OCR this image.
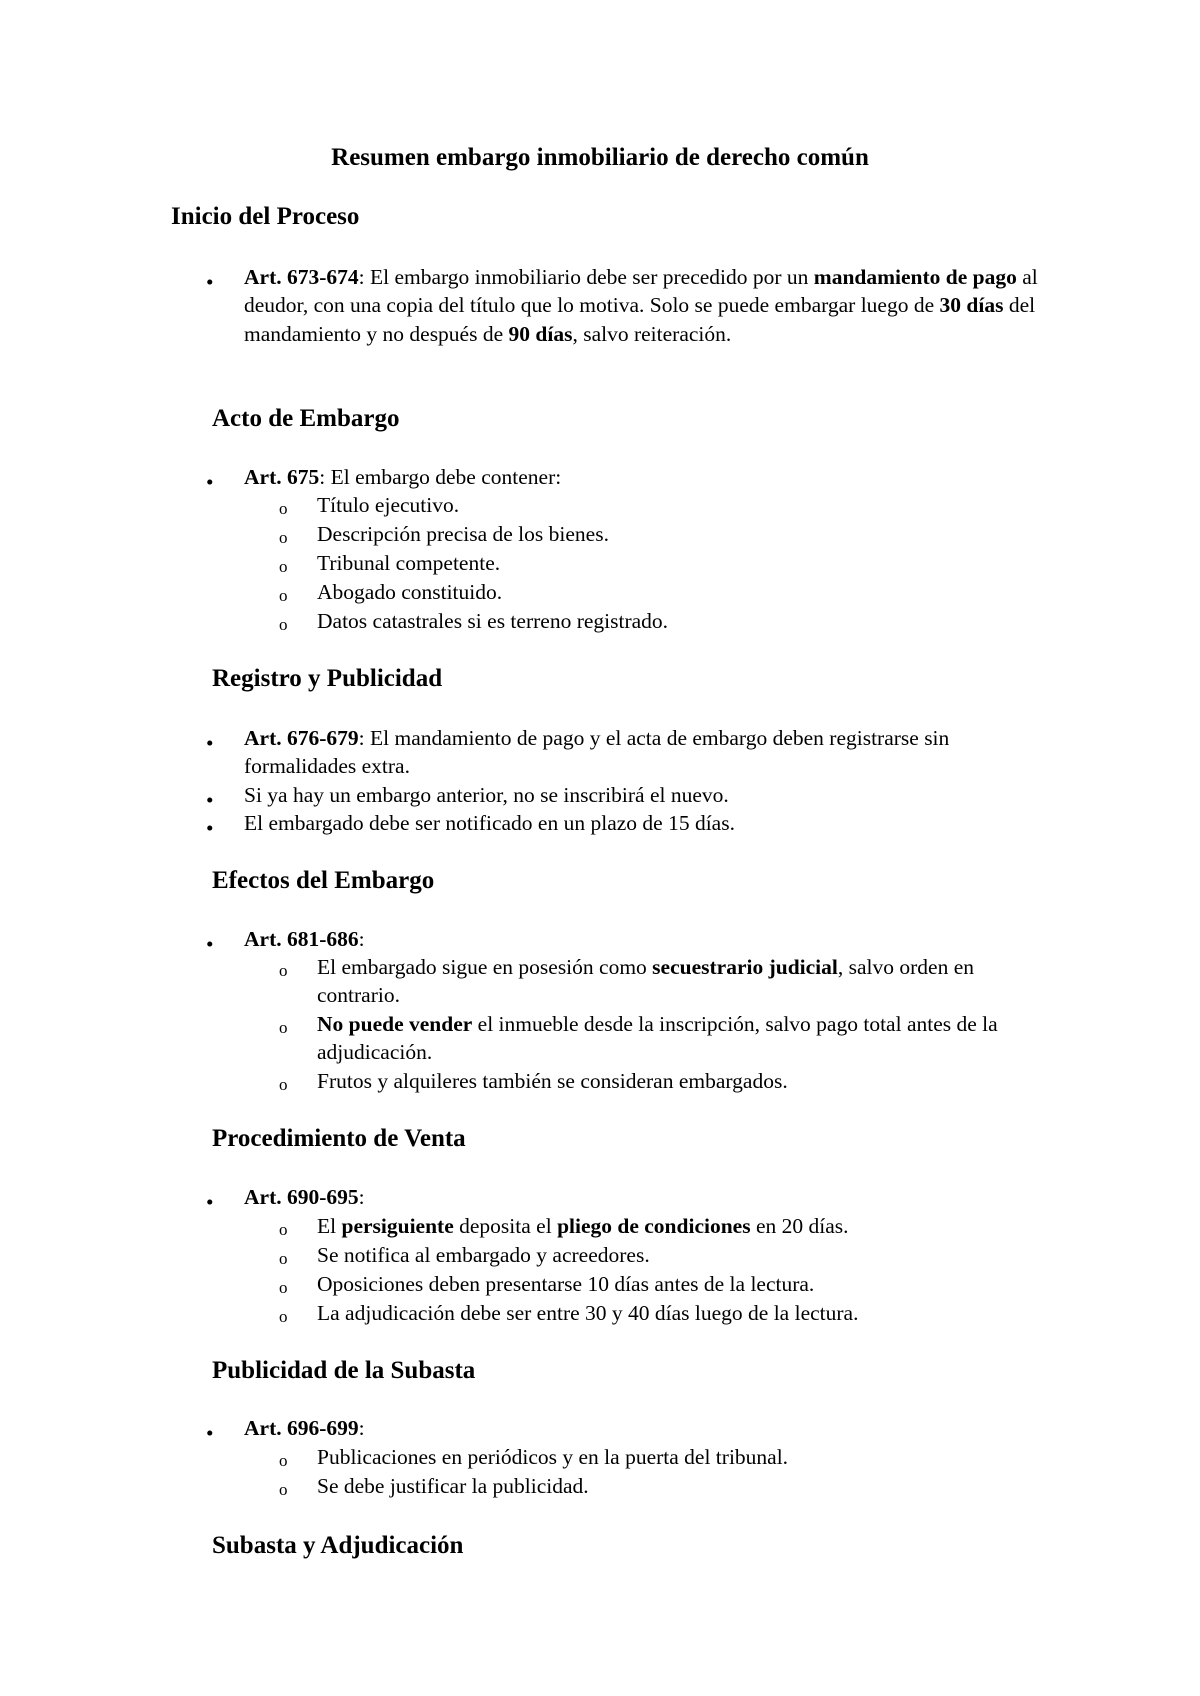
Resumen embargo inmobiliario de derecho común
Inicio del Proceso
• Art. 673-674: El embargo inmobiliario debe ser precedido por un mandamiento de pago al deudor, con una copia del título que lo motiva. Solo se puede embargar luego de 30 días del mandamiento y no después de 90 días, salvo reiteración.

Acto de Embargo
• Art. 675: El embargo debe contener:

o Título ejecutivo.
o Descripción precisa de los bienes.
o Tribunal competente.
o Abogado constituido.
o Datos catastrales si es terreno registrado.
Registro y Publicidad
• Art. 676-679: El mandamiento de pago y el acta de embargo deben registrarse sin formalidades extra.

• Si ya hay un embargo anterior, no se inscribirá el nuevo.

• El embargado debe ser notificado en un plazo de 15 días.

Efectos del Embargo
• Art. 681-686:

o El embargado sigue en posesión como secuestrario judicial, salvo orden en contrario.
o No puede vender el inmueble desde la inscripción, salvo pago total antes de la adjudicación.
o Frutos y alquileres también se consideran embargados.
Procedimiento de Venta
• Art. 690-695:

o El persiguiente deposita el pliego de condiciones en 20 días.
o Se notifica al embargado y acreedores.
o Oposiciones deben presentarse 10 días antes de la lectura.
o La adjudicación debe ser entre 30 y 40 días luego de la lectura.
Publicidad de la Subasta
• Art. 696-699:

o Publicaciones en periódicos y en la puerta del tribunal.
o Se debe justificar la publicidad.
Subasta y Adjudicación
